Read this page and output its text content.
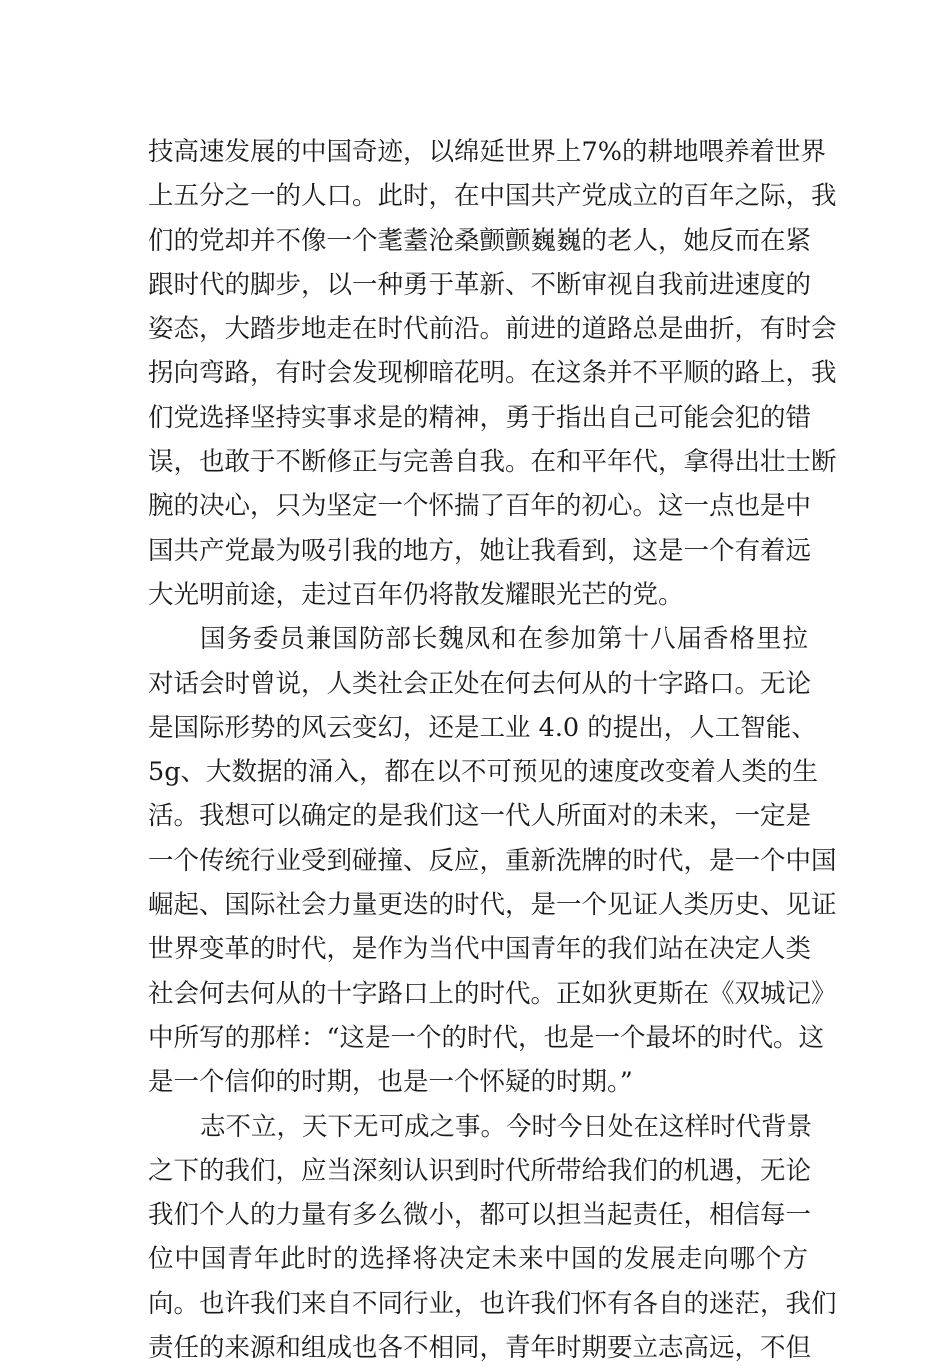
技高速发展的中国奇迹，以绵延世界上7%的耕地喂养着世界
上五分之一的人口。此时，在中国共产党成立的百年之际，我
们的党却并不像一个耄耋沧桑颤颤巍巍的老人，她反而在紧
跟时代的脚步，以一种勇于革新、不断审视自我前进速度的
姿态，大踏步地走在时代前沿。前进的道路总是曲折，有时会
拐向弯路，有时会发现柳暗花明。在这条并不平顺的路上，我
们党选择坚持实事求是的精神，勇于指出自己可能会犯的错
误，也敢于不断修正与完善自我。在和平年代，拿得出壮士断
腕的决心，只为坚定一个怀揣了百年的初心。这一点也是中
国共产党最为吸引我的地方，她让我看到，这是一个有着远
大光明前途，走过百年仍将散发耀眼光芒的党。
国务委员兼国防部长魏凤和在参加第十八届香格里拉
对话会时曾说，人类社会正处在何去何从的十字路口。无论
是国际形势的风云变幻，还是工业 4.0 的提出，人工智能、
5g、大数据的涌入，都在以不可预见的速度改变着人类的生
活。我想可以确定的是我们这一代人所面对的未来，一定是
一个传统行业受到碰撞、反应，重新洗牌的时代，是一个中国
崛起、国际社会力量更迭的时代，是一个见证人类历史、见证
世界变革的时代，是作为当代中国青年的我们站在决定人类
社会何去何从的十字路口上的时代。正如狄更斯在《双城记》
中所写的那样：“这是一个的时代，也是一个最坏的时代。这
是一个信仰的时期，也是一个怀疑的时期。”
志不立，天下无可成之事。今时今日处在这样时代背景
之下的我们，应当深刻认识到时代所带给我们的机遇，无论
我们个人的力量有多么微小，都可以担当起责任，相信每一
位中国青年此时的选择将决定未来中国的发展走向哪个方
向。也许我们来自不同行业，也许我们怀有各自的迷茫，我们
责任的来源和组成也各不相同，青年时期要立志高远，不但
